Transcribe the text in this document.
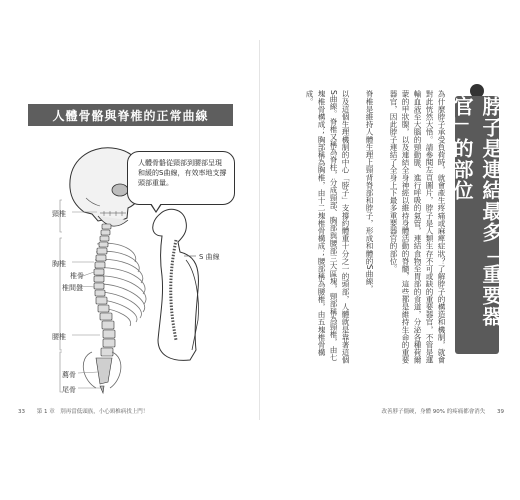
人體骨骼與脊椎的正常曲線
人體骨骼從頸部到腰部呈現和緩的S曲線，有效率地支撐頭部重量。
頸椎
胸椎
椎骨
椎間盤
腰椎
薦骨
尾骨
S 曲線
33 第 1 章　別再當低頭族，小心頸椎病找上門！
脖子是連結最多「重要器官」的部位

為什麼脖子承受負荷時，就會產生疼痛或麻痺症狀？了解脖子的構造和機制，就會對此恍然大悟。請參閱左頁圖片，脖子是人類生存不可或缺的重要器官，不管是運輸血液至大腦的頸動脈、進行呼吸的氣管，連結食物至胃部的食道，分泌各種荷爾蒙的甲狀腺，以及連結全身神經以維持身體活動的脊髓，這些都是維持生命的重要器官，因此脖子連結了全身上下最多重要器官的部位。

脊椎是維持人體生理上頸背脊部和脖子，形成和體的S曲線，

以及這個生理機制的中心「脖子」支撐約體重十分之一的頭部，人體就是靠著這個S曲線。脊椎又稱為脊柱，分成頸部、胸部與腰部三大區塊，頸部稱為頸椎，由七塊椎骨構成；胸部稱為胸椎，由十二塊椎骨構成；腰部稱為腰椎，由五塊椎骨構成。

改善脖子僵硬，身體 90% 的疼痛都會消失 39
